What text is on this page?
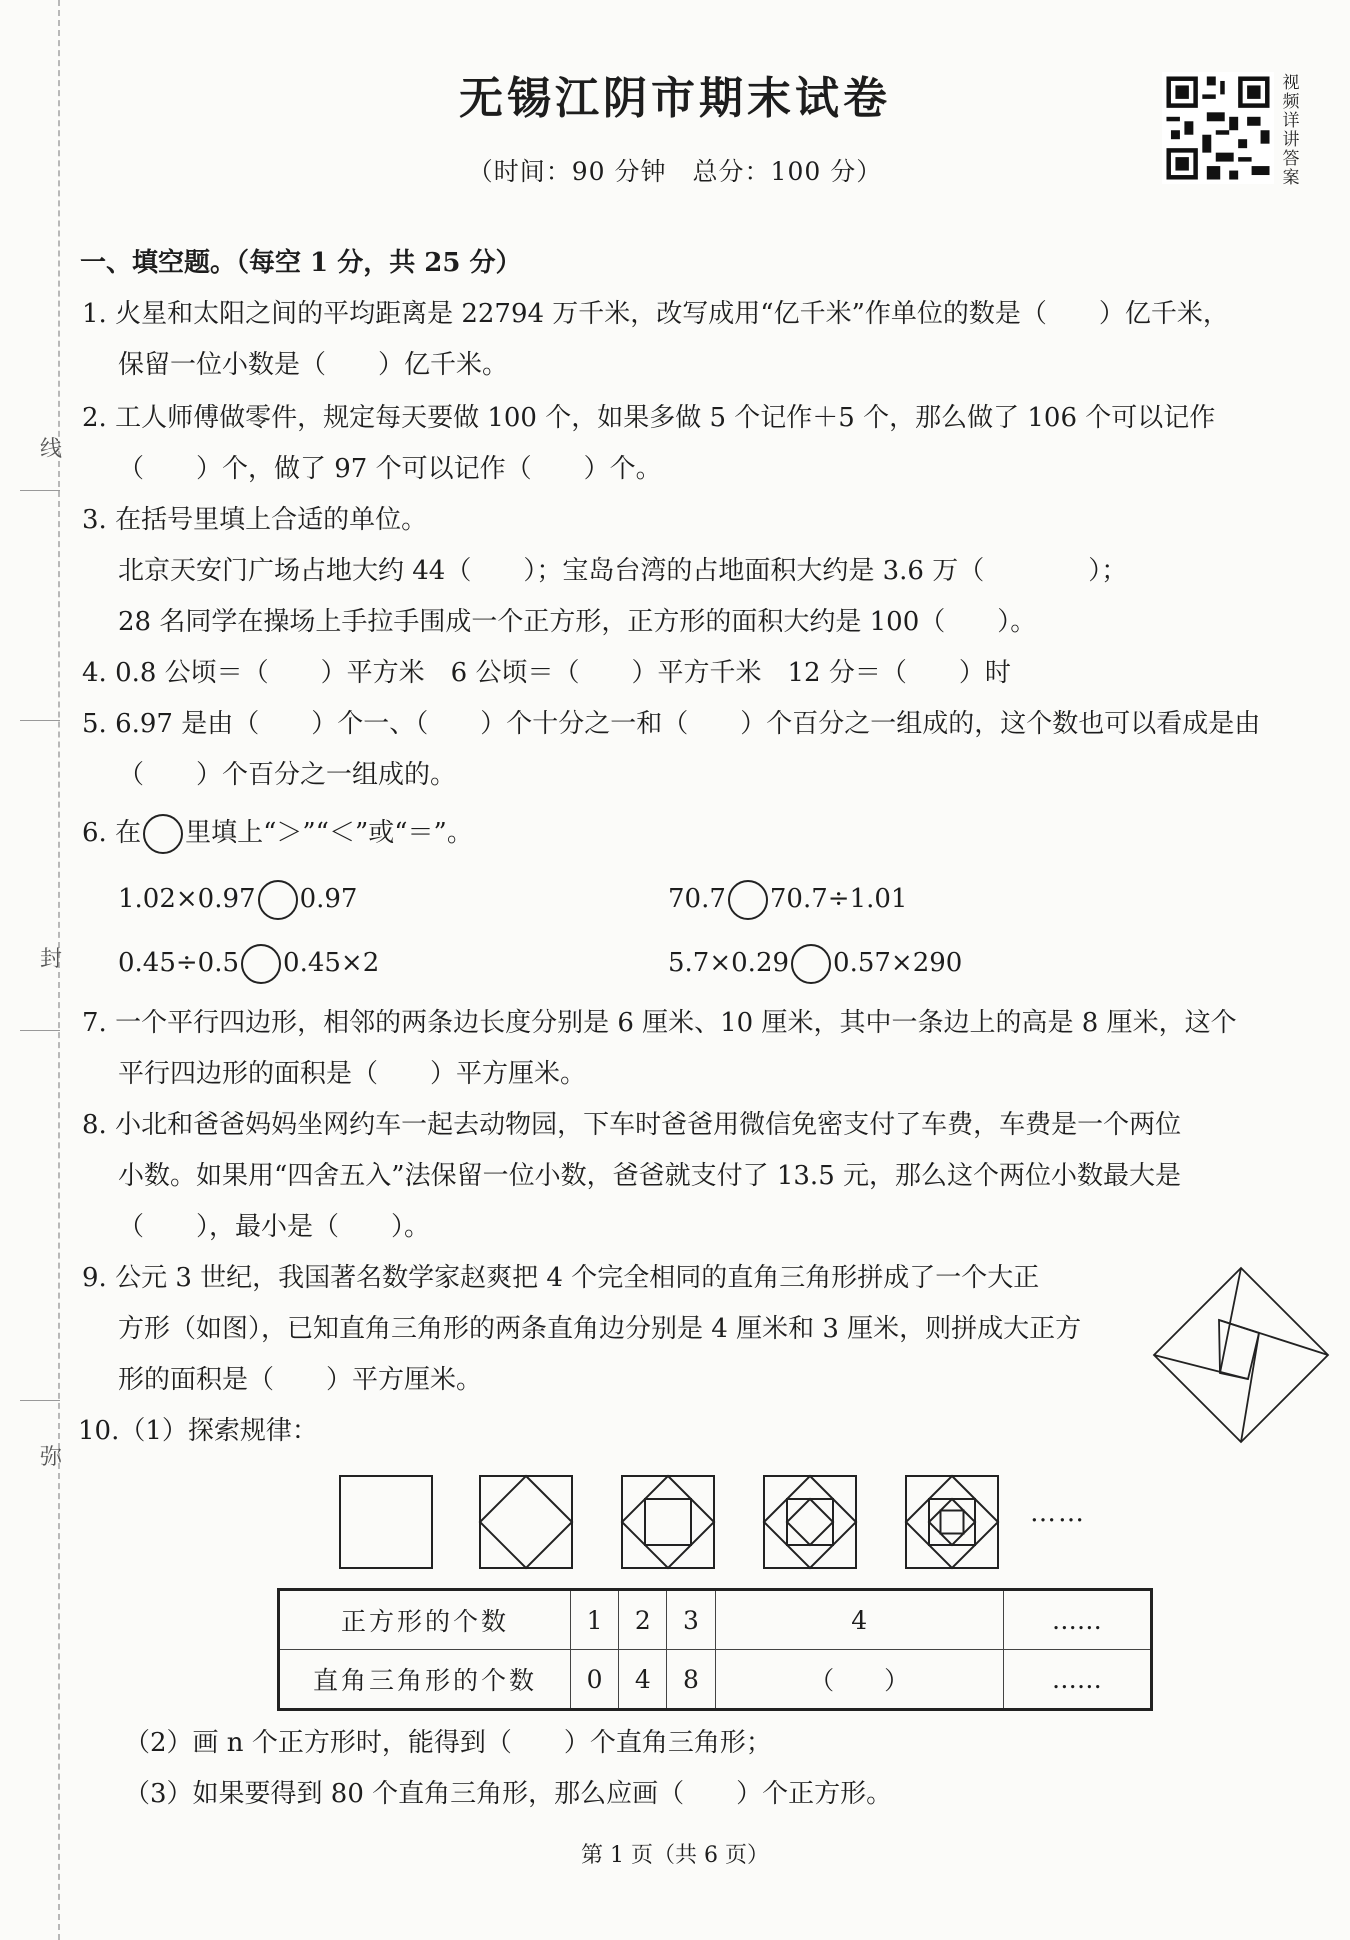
线
封
弥
无锡江阴市期末试卷
（时间：90 分钟　总分：100 分）
视频详讲答案
一、填空题。（每空 1 分，共 25 分）
1. 火星和太阳之间的平均距离是 22794 万千米，改写成用“亿千米”作单位的数是（　　）亿千米，
保留一位小数是（　　）亿千米。
2. 工人师傅做零件，规定每天要做 100 个，如果多做 5 个记作＋5 个，那么做了 106 个可以记作
（　　）个，做了 97 个可以记作（　　）个。
3. 在括号里填上合适的单位。
北京天安门广场占地大约 44（　　）；宝岛台湾的占地面积大约是 3.6 万（　　　　）；
28 名同学在操场上手拉手围成一个正方形，正方形的面积大约是 100（　　）。
4. 0.8 公顷＝（　　）平方米　6 公顷＝（　　）平方千米　12 分＝（　　）时
5. 6.97 是由（　　）个一、（　　）个十分之一和（　　）个百分之一组成的，这个数也可以看成是由
（　　）个百分之一组成的。
6. 在 里填上“＞”“＜”或“＝”。
1.02×0.97 0.97	70.7 70.7÷1.01
0.45÷0.5 0.45×2	5.7×0.29 0.57×290
7. 一个平行四边形，相邻的两条边长度分别是 6 厘米、10 厘米，其中一条边上的高是 8 厘米，这个
平行四边形的面积是（　　）平方厘米。
8. 小北和爸爸妈妈坐网约车一起去动物园，下车时爸爸用微信免密支付了车费，车费是一个两位
小数。如果用“四舍五入”法保留一位小数，爸爸就支付了 13.5 元，那么这个两位小数最大是
（　　），最小是（　　）。
9. 公元 3 世纪，我国著名数学家赵爽把 4 个完全相同的直角三角形拼成了一个大正
方形（如图），已知直角三角形的两条直角边分别是 4 厘米和 3 厘米，则拼成大正方
形的面积是（　　）平方厘米。
10.（1）探索规律：
……
正方形的个数	1	2	3	4	……
直角三角形的个数	0	4	8	（　　）	……
（2）画 n 个正方形时，能得到（　　）个直角三角形；
（3）如果要得到 80 个直角三角形，那么应画（　　）个正方形。
第 1 页（共 6 页）
